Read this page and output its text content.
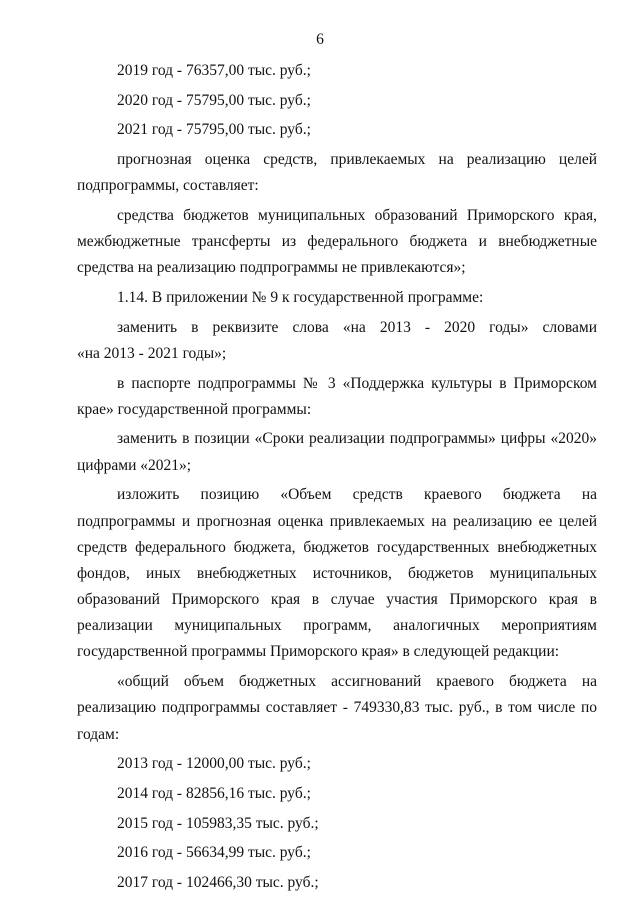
6
2019 год - 76357,00 тыс. руб.;
2020 год - 75795,00 тыс. руб.;
2021 год - 75795,00 тыс. руб.;
прогнозная оценка средств, привлекаемых на реализацию целей
подпрограммы, составляет:
средства бюджетов муниципальных образований Приморского края,
межбюджетные трансферты из федерального бюджета и внебюджетные
средства на реализацию подпрограммы не привлекаются»;
1.14. В приложении № 9 к государственной программе:
заменить в реквизите слова «на 2013 - 2020 годы» словами
«на 2013 - 2021 годы»;
в паспорте подпрограммы № 3 «Поддержка культуры в Приморском
крае» государственной программы:
заменить в позиции «Сроки реализации подпрограммы» цифры «2020»
цифрами «2021»;
изложить позицию «Объем средств краевого бюджета на
подпрограммы и прогнозная оценка привлекаемых на реализацию ее целей
средств федерального бюджета, бюджетов государственных внебюджетных
фондов, иных внебюджетных источников, бюджетов муниципальных
образований Приморского края в случае участия Приморского края в
реализации муниципальных программ, аналогичных мероприятиям
государственной программы Приморского края» в следующей редакции:
«общий объем бюджетных ассигнований краевого бюджета на
реализацию подпрограммы составляет - 749330,83 тыс. руб., в том числе по
годам:
2013 год - 12000,00 тыс. руб.;
2014 год - 82856,16 тыс. руб.;
2015 год - 105983,35 тыс. руб.;
2016 год - 56634,99 тыс. руб.;
2017 год - 102466,30 тыс. руб.;
